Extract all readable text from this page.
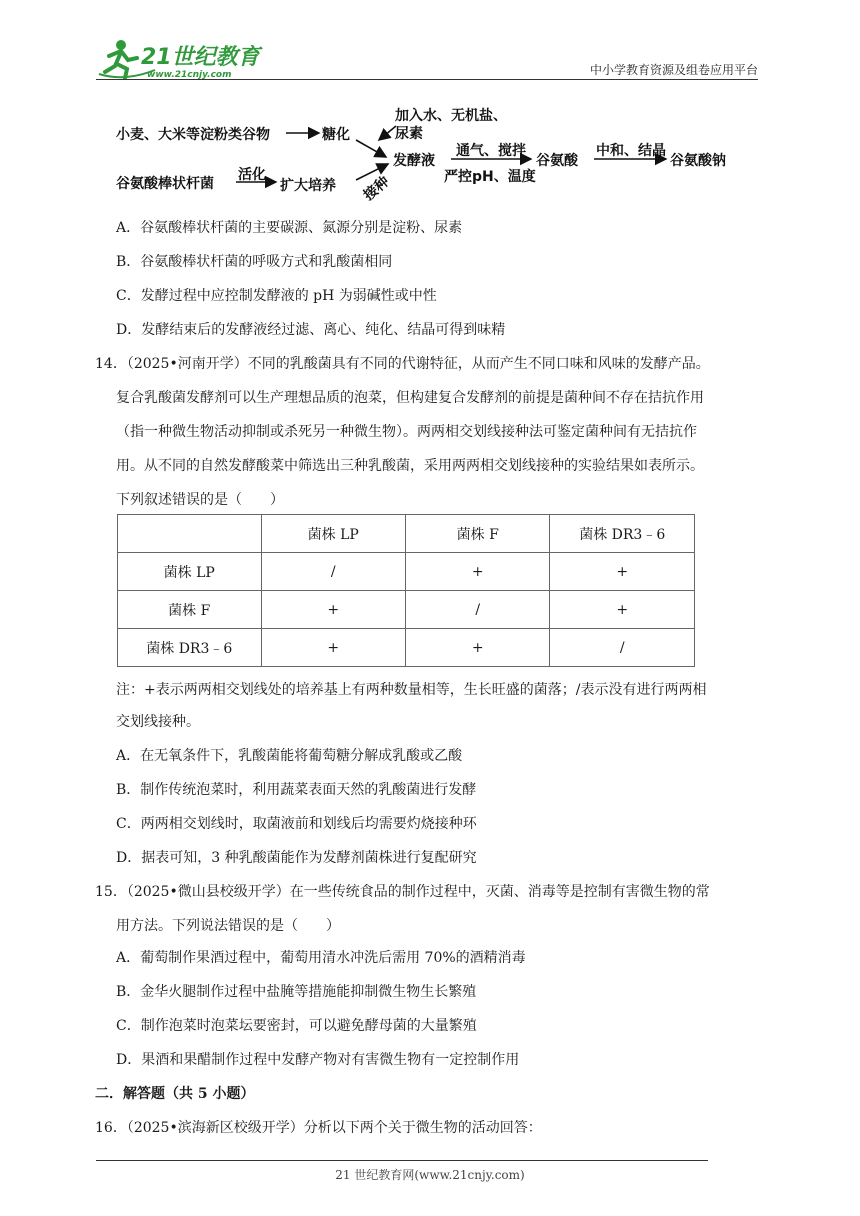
21世纪教育
www.21cnjy.com	中小学教育资源及组卷应用平台
小麦、大米等淀粉类谷物	糖化
加入水、无机盐、
尿素
发酵液
通气、搅拌
严控pH、温度
谷氨酸
中和、结晶
谷氨酸钠
谷氨酸棒状杆菌
活化
扩大培养 接种
A．谷氨酸棒状杆菌的主要碳源、氮源分别是淀粉、尿素
B．谷氨酸棒状杆菌的呼吸方式和乳酸菌相同
C．发酵过程中应控制发酵液的 pH 为弱碱性或中性
D．发酵结束后的发酵液经过滤、离心、纯化、结晶可得到味精
14．（2025•河南开学）不同的乳酸菌具有不同的代谢特征，从而产生不同口味和风味的发酵产品。
复合乳酸菌发酵剂可以生产理想品质的泡菜，但构建复合发酵剂的前提是菌种间不存在拮抗作用
（指一种微生物活动抑制或杀死另一种微生物）。两两相交划线接种法可鉴定菌种间有无拮抗作
用。从不同的自然发酵酸菜中筛选出三种乳酸菌，采用两两相交划线接种的实验结果如表所示。
下列叙述错误的是（　　）
	菌株 LP	菌株 F	菌株 DR3﹣6
菌株 LP	/	+	+
菌株 F	+	/	+
菌株 DR3﹣6	+	+	/
注：+表示两两相交划线处的培养基上有两种数量相等，生长旺盛的菌落；/表示没有进行两两相
交划线接种。
A．在无氧条件下，乳酸菌能将葡萄糖分解成乳酸或乙酸
B．制作传统泡菜时，利用蔬菜表面天然的乳酸菌进行发酵
C．两两相交划线时，取菌液前和划线后均需要灼烧接种环
D．据表可知，3 种乳酸菌能作为发酵剂菌株进行复配研究
15．（2025•微山县校级开学）在一些传统食品的制作过程中，灭菌、消毒等是控制有害微生物的常
用方法。下列说法错误的是（　　）
A．葡萄制作果酒过程中，葡萄用清水冲洗后需用 70%的酒精消毒
B．金华火腿制作过程中盐腌等措施能抑制微生物生长繁殖
C．制作泡菜时泡菜坛要密封，可以避免酵母菌的大量繁殖
D．果酒和果醋制作过程中发酵产物对有害微生物有一定控制作用
二．解答题（共 5 小题）
16．（2025•滨海新区校级开学）分析以下两个关于微生物的活动回答：
21 世纪教育网(www.21cnjy.com)
